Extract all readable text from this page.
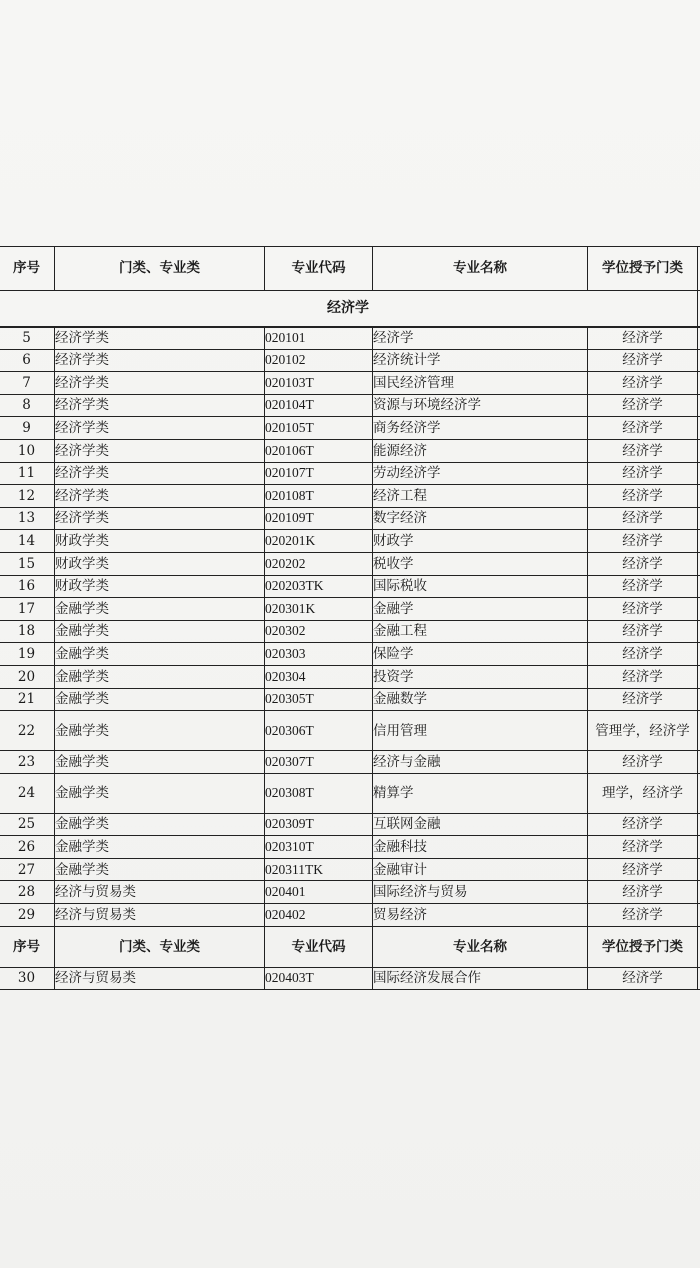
序号	门类、专业类	专业代码	专业名称	学位授予门类	
经济学					
5	经济学类	020101	经济学	经济学	
6	经济学类	020102	经济统计学	经济学	
7	经济学类	020103T	国民经济管理	经济学	
8	经济学类	020104T	资源与环境经济学	经济学	
9	经济学类	020105T	商务经济学	经济学	
10	经济学类	020106T	能源经济	经济学	
11	经济学类	020107T	劳动经济学	经济学	
12	经济学类	020108T	经济工程	经济学	
13	经济学类	020109T	数字经济	经济学	
14	财政学类	020201K	财政学	经济学	
15	财政学类	020202	税收学	经济学	
16	财政学类	020203TK	国际税收	经济学	
17	金融学类	020301K	金融学	经济学	
18	金融学类	020302	金融工程	经济学	
19	金融学类	020303	保险学	经济学	
20	金融学类	020304	投资学	经济学	
21	金融学类	020305T	金融数学	经济学	
22	金融学类	020306T	信用管理	管理学，经济学	
23	金融学类	020307T	经济与金融	经济学	
24	金融学类	020308T	精算学	理学，经济学	
25	金融学类	020309T	互联网金融	经济学	
26	金融学类	020310T	金融科技	经济学	
27	金融学类	020311TK	金融审计	经济学	
28	经济与贸易类	020401	国际经济与贸易	经济学	
29	经济与贸易类	020402	贸易经济	经济学	
序号	门类、专业类	专业代码	专业名称	学位授予门类	
30	经济与贸易类	020403T	国际经济发展合作	经济学	
